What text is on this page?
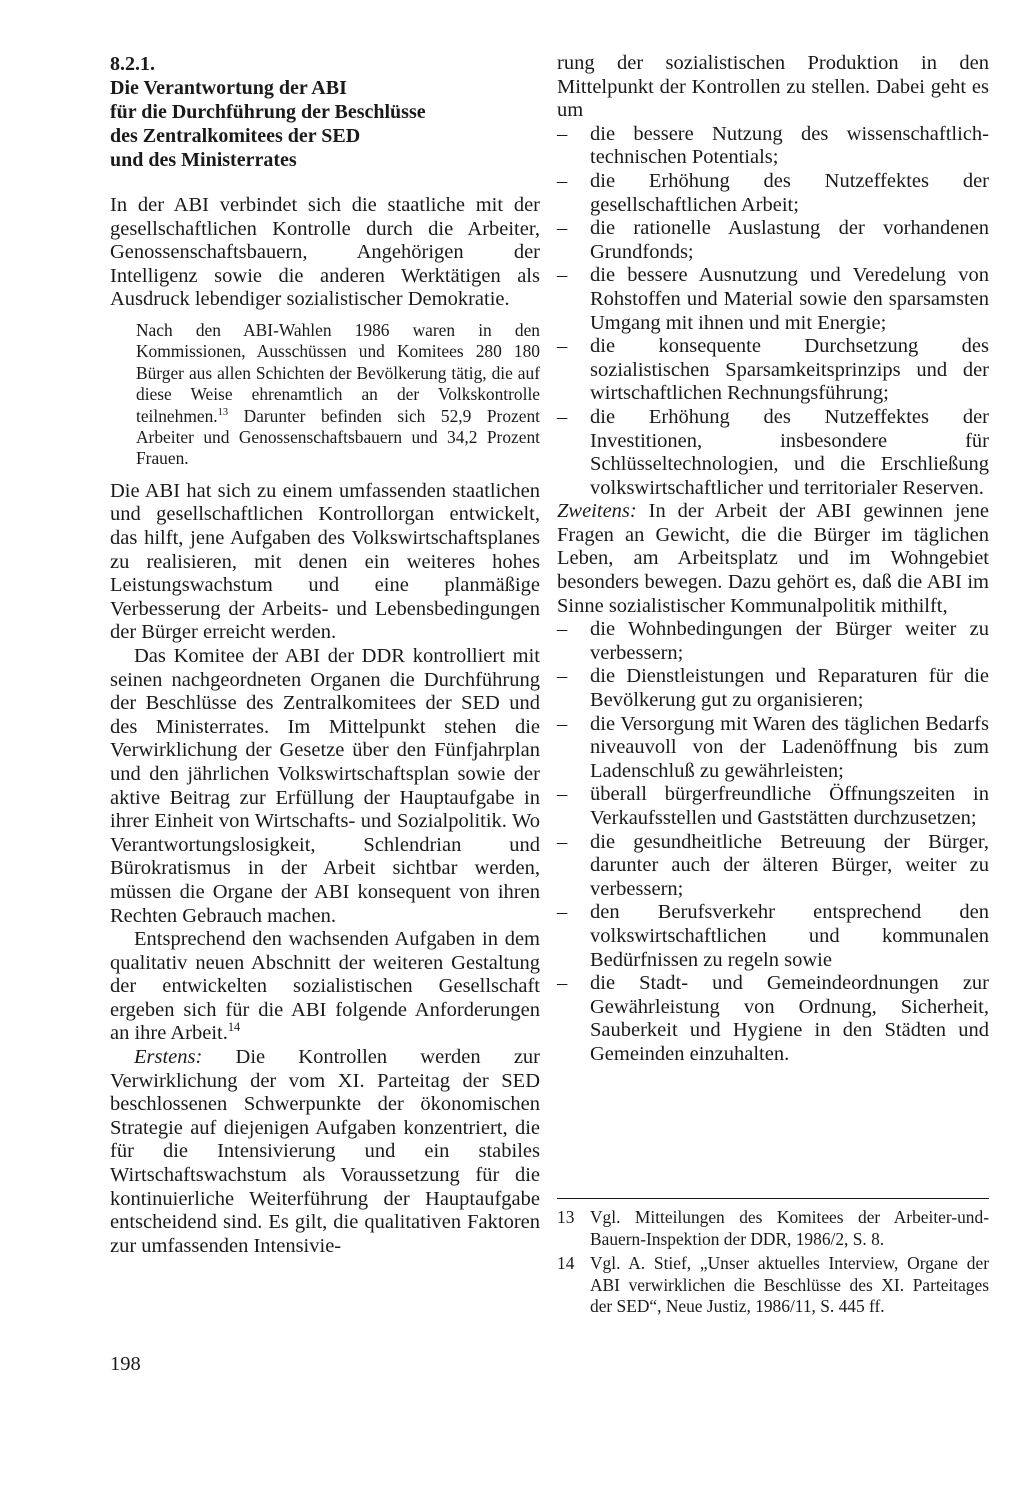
8.2.1.
Die Verantwortung der ABI
für die Durchführung der Beschlüsse
des Zentralkomitees der SED
und des Ministerrates

In der ABI verbindet sich die staatliche mit der gesellschaftlichen Kontrolle durch die Arbeiter, Genossenschaftsbauern, Angehörigen der Intelligenz sowie die anderen Werktätigen als Ausdruck lebendiger sozialistischer Demokratie.

Nach den ABI-Wahlen 1986 waren in den Kommissionen, Ausschüssen und Komitees 280 180 Bürger aus allen Schichten der Bevölkerung tätig, die auf diese Weise ehrenamtlich an der Volkskontrolle teilnehmen.$^{13}$ Darunter befinden sich 52,9 Prozent Arbeiter und Genossenschaftsbauern und 34,2 Prozent Frauen.

Die ABI hat sich zu einem umfassenden staatlichen und gesellschaftlichen Kontrollorgan entwickelt, das hilft, jene Aufgaben des Volkswirtschaftsplanes zu realisieren, mit denen ein weiteres hohes Leistungswachstum und eine planmäßige Verbesserung der Arbeits- und Lebensbedingungen der Bürger erreicht werden.

Das Komitee der ABI der DDR kontrolliert mit seinen nachgeordneten Organen die Durchführung der Beschlüsse des Zentralkomitees der SED und des Ministerrates. Im Mittelpunkt stehen die Verwirklichung der Gesetze über den Fünfjahrplan und den jährlichen Volkswirtschaftsplan sowie der aktive Beitrag zur Erfüllung der Hauptaufgabe in ihrer Einheit von Wirtschafts- und Sozialpolitik. Wo Verantwortungslosigkeit, Schlendrian und Bürokratismus in der Arbeit sichtbar werden, müssen die Organe der ABI konsequent von ihren Rechten Gebrauch machen.

Entsprechend den wachsenden Aufgaben in dem qualitativ neuen Abschnitt der weiteren Gestaltung der entwickelten sozialistischen Gesellschaft ergeben sich für die ABI folgende Anforderungen an ihre Arbeit.$^{14}$

Erstens: Die Kontrollen werden zur Verwirklichung der vom XI. Parteitag der SED beschlossenen Schwerpunkte der ökonomischen Strategie auf diejenigen Aufgaben konzentriert, die für die Intensivierung und ein stabiles Wirtschaftswachstum als Voraussetzung für die kontinuierliche Weiterführung der Hauptaufgabe entscheidend sind. Es gilt, die qualitativen Faktoren zur umfassenden Intensivie-

rung der sozialistischen Produktion in den Mittelpunkt der Kontrollen zu stellen. Dabei geht es um

– die bessere Nutzung des wissenschaftlich-technischen Potentials;
– die Erhöhung des Nutzeffektes der gesellschaftlichen Arbeit;
– die rationelle Auslastung der vorhandenen Grundfonds;
– die bessere Ausnutzung und Veredelung von Rohstoffen und Material sowie den sparsamsten Umgang mit ihnen und mit Energie;
– die konsequente Durchsetzung des sozialistischen Sparsamkeitsprinzips und der wirtschaftlichen Rechnungsführung;
– die Erhöhung des Nutzeffektes der Investitionen, insbesondere für Schlüsseltechnologien, und die Erschließung volkswirtschaftlicher und territorialer Reserven.

Zweitens: In der Arbeit der ABI gewinnen jene Fragen an Gewicht, die die Bürger im täglichen Leben, am Arbeitsplatz und im Wohngebiet besonders bewegen. Dazu gehört es, daß die ABI im Sinne sozialistischer Kommunalpolitik mithilft,

– die Wohnbedingungen der Bürger weiter zu verbessern;
– die Dienstleistungen und Reparaturen für die Bevölkerung gut zu organisieren;
– die Versorgung mit Waren des täglichen Bedarfs niveauvoll von der Ladenöffnung bis zum Ladenschluß zu gewährleisten;
– überall bürgerfreundliche Öffnungszeiten in Verkaufsstellen und Gaststätten durchzusetzen;
– die gesundheitliche Betreuung der Bürger, darunter auch der älteren Bürger, weiter zu verbessern;
– den Berufsverkehr entsprechend den volkswirtschaftlichen und kommunalen Bedürfnissen zu regeln sowie
– die Stadt- und Gemeindeordnungen zur Gewährleistung von Ordnung, Sicherheit, Sauberkeit und Hygiene in den Städten und Gemeinden einzuhalten.
13 Vgl. Mitteilungen des Komitees der Arbeiter-und-Bauern-Inspektion der DDR, 1986/2, S. 8.
14 Vgl. A. Stief, „Unser aktuelles Interview, Organe der ABI verwirklichen die Beschlüsse des XI. Parteitages der SED“, Neue Justiz, 1986/11, S. 445 ff.
198
